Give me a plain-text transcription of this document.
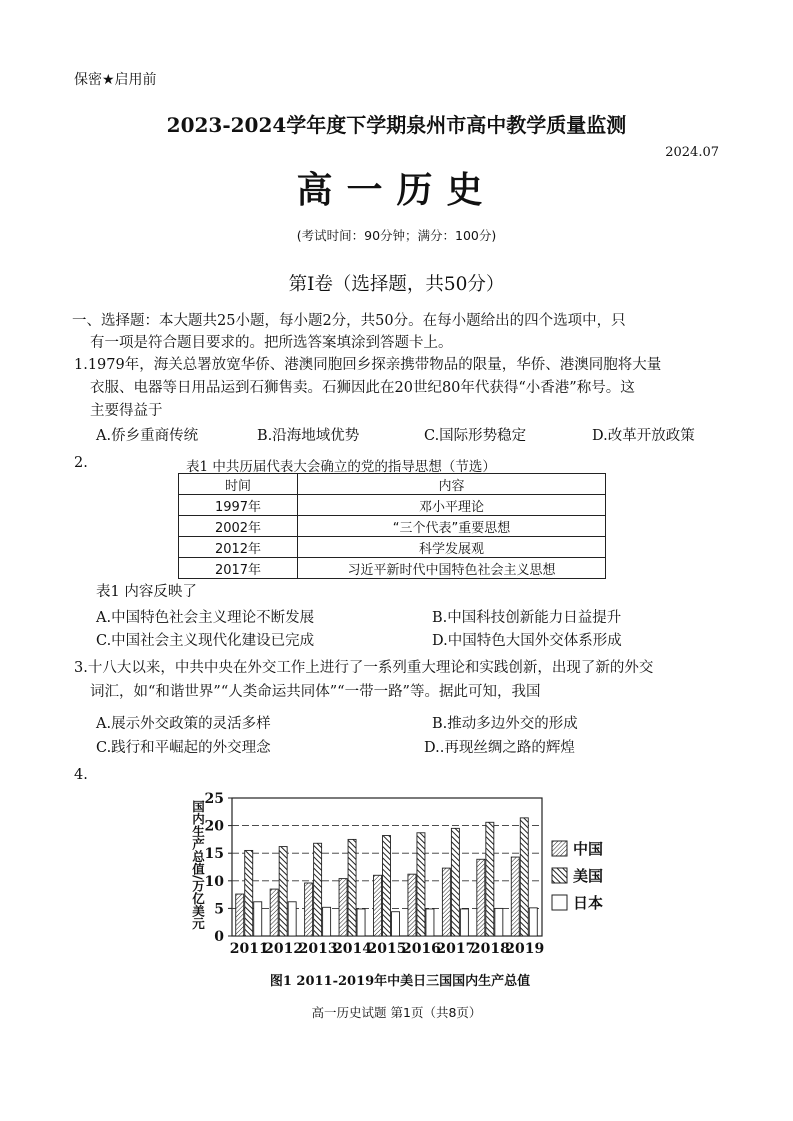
保密★启用前
2023-2024学年度下学期泉州市高中教学质量监测
2024.07
高一历史
(考试时间：90分钟；满分：100分)
第Ⅰ卷（选择题，共50分）
一、选择题：本大题共25小题，每小题2分，共50分。在每小题给出的四个选项中，只
有一项是符合题目要求的。把所选答案填涂到答题卡上。
1.1979年，海关总署放宽华侨、港澳同胞回乡探亲携带物品的限量，华侨、港澳同胞将大量
衣服、电器等日用品运到石狮售卖。石狮因此在20世纪80年代获得“小香港”称号。这
主要得益于
A.侨乡重商传统	B.沿海地域优势	C.国际形势稳定	D.改革开放政策
2.	表1 中共历届代表大会确立的党的指导思想（节选）
时间	内容
1997年	邓小平理论
2002年	“三个代表”重要思想
2012年	科学发展观
2017年	习近平新时代中国特色社会主义思想
表1 内容反映了
A.中国特色社会主义理论不断发展	B.中国科技创新能力日益提升
C.中国社会主义现代化建设已完成	D.中国特色大国外交体系形成
3.十八大以来，中共中央在外交工作上进行了一系列重大理论和实践创新，出现了新的外交
词汇，如“和谐世界”“人类命运共同体”“一带一路”等。据此可知，我国
A.展示外交政策的灵活多样	B.推动多边外交的形成
C.践行和平崛起的外交理念	D..再现丝绸之路的辉煌
4.
0
5
10
15
20
25
国内生产总值/万亿美元
2011
2012
2013
2014
2015
2016
2017
2018
2019
图1 2011-2019年中美日三国国内生产总值
中国
美国
日本
高一历史试题 第1页（共8页）
